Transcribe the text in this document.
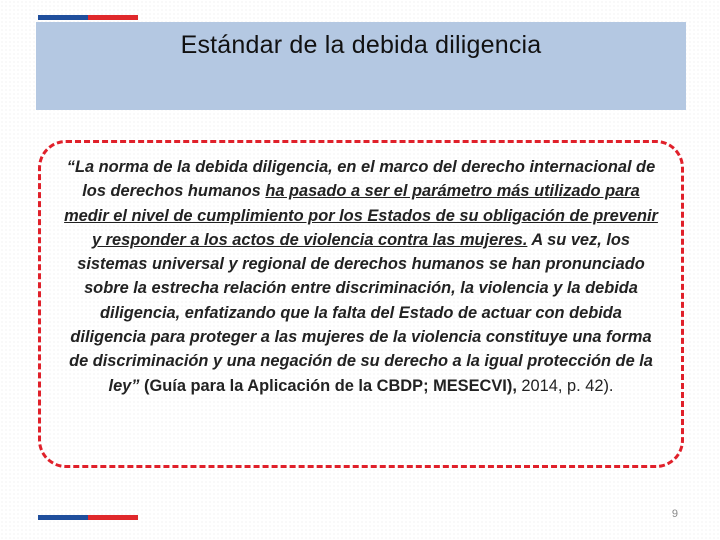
Estándar de la debida diligencia
“La norma de la debida diligencia, en el marco del derecho internacional de los derechos humanos ha pasado a ser el parámetro más utilizado para medir el nivel de cumplimiento por los Estados de su obligación de prevenir y responder a los actos de violencia contra las mujeres. A su vez, los sistemas universal y regional de derechos humanos se han pronunciado sobre la estrecha relación entre discriminación, la violencia y la debida diligencia, enfatizando que la falta del Estado de actuar con debida diligencia para proteger a las mujeres de la violencia constituye una forma de discriminación y una negación de su derecho a la igual protección de la ley” (Guía para la Aplicación de la CBDP; MESECVI), 2014, p. 42).
9
